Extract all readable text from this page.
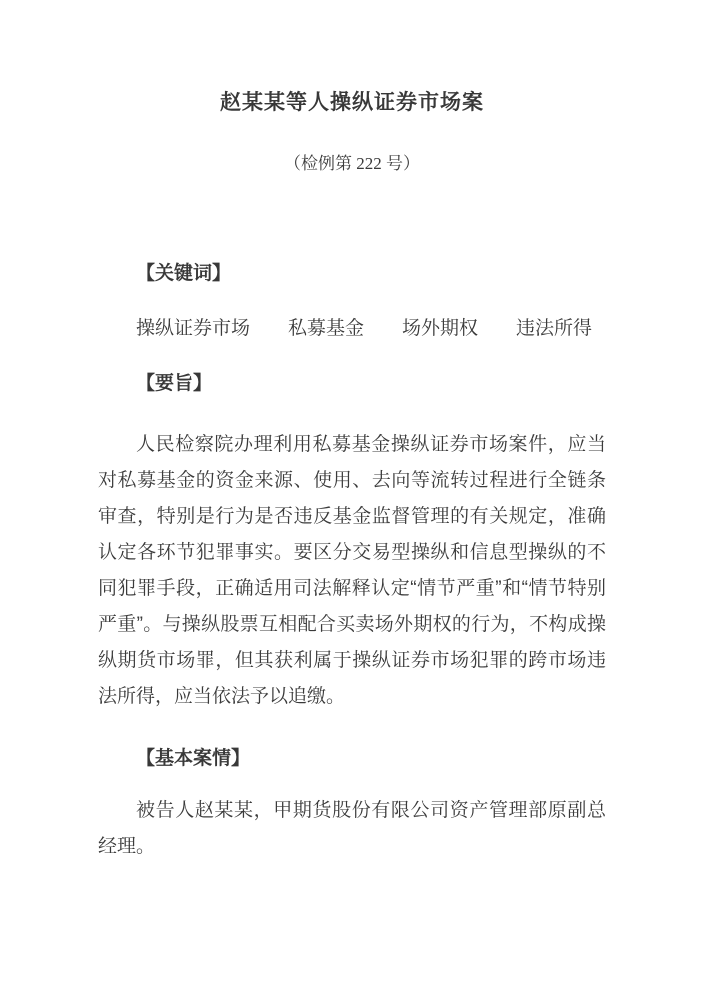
赵某某等人操纵证券市场案
（检例第 222 号）
【关键词】
操纵证券市场　　私募基金　　场外期权　　违法所得
【要旨】

人民检察院办理利用私募基金操纵证券市场案件，应当对私募基金的资金来源、使用、去向等流转过程进行全链条审查，特别是行为是否违反基金监督管理的有关规定，准确认定各环节犯罪事实。要区分交易型操纵和信息型操纵的不同犯罪手段，正确适用司法解释认定“情节严重”和“情节特别严重”。与操纵股票互相配合买卖场外期权的行为，不构成操纵期货市场罪，但其获利属于操纵证券市场犯罪的跨市场违法所得，应当依法予以追缴。

【基本案情】

被告人赵某某，甲期货股份有限公司资产管理部原副总经理。
